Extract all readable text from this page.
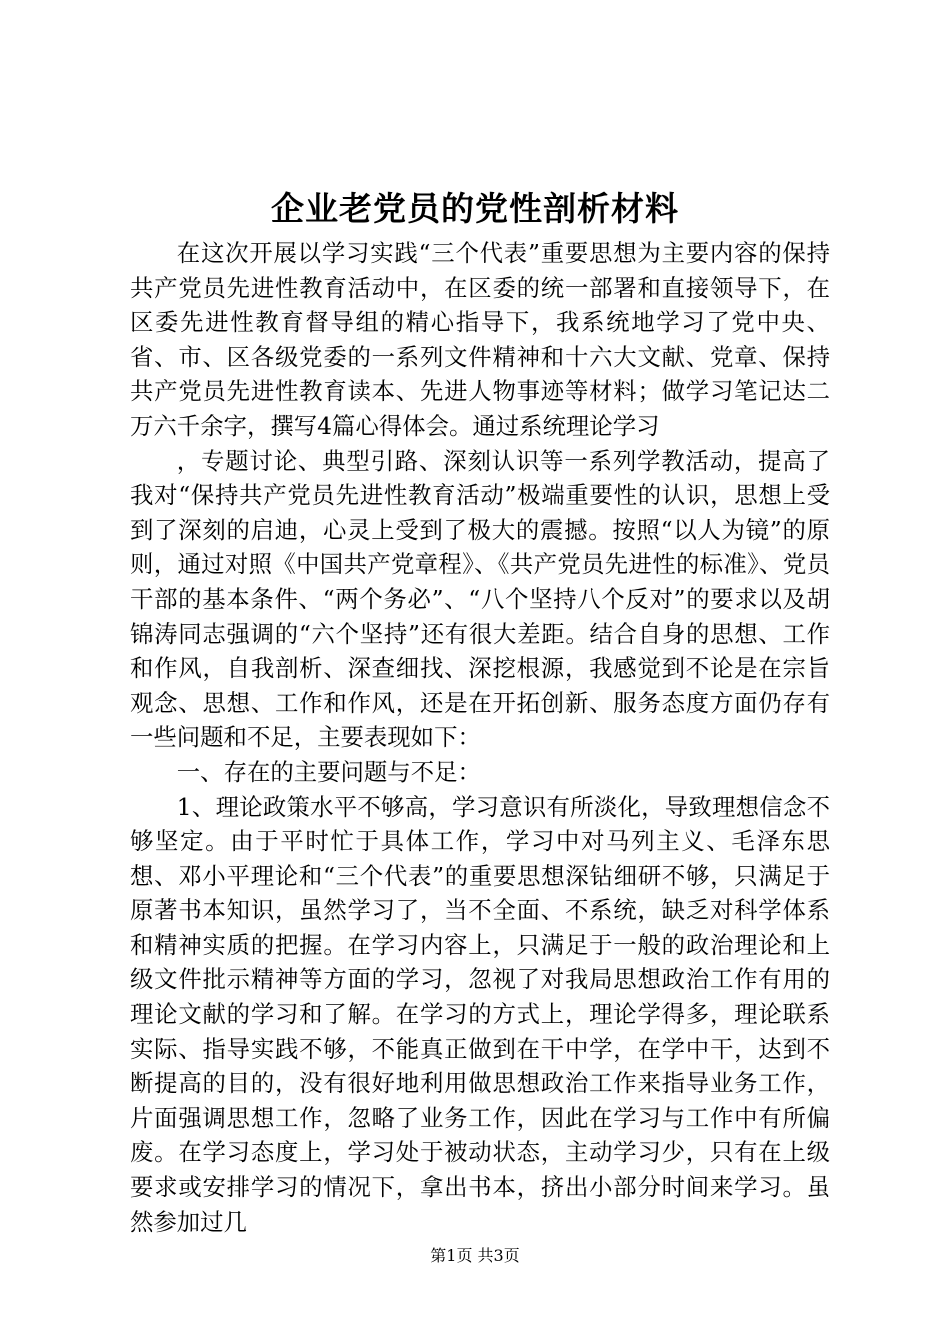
企业老党员的党性剖析材料

在这次开展以学习实践“三个代表”重要思想为主要内容的保持共产党员先进性教育活动中，在区委的统一部署和直接领导下，在区委先进性教育督导组的精心指导下，我系统地学习了党中央、省、市、区各级党委的一系列文件精神和十六大文献、党章、保持共产党员先进性教育读本、先进人物事迹等材料；做学习笔记达二万六千余字，撰写4篇心得体会。通过系统理论学习

，专题讨论、典型引路、深刻认识等一系列学教活动，提高了我对“保持共产党员先进性教育活动”极端重要性的认识，思想上受到了深刻的启迪，心灵上受到了极大的震撼。按照“以人为镜”的原则，通过对照《中国共产党章程》、《共产党员先进性的标准》、党员干部的基本条件、“两个务必”、“八个坚持八个反对”的要求以及胡锦涛同志强调的“六个坚持”还有很大差距。结合自身的思想、工作和作风，自我剖析、深查细找、深挖根源，我感觉到不论是在宗旨观念、思想、工作和作风，还是在开拓创新、服务态度方面仍存有一些问题和不足，主要表现如下：

一、存在的主要问题与不足：

1、理论政策水平不够高，学习意识有所淡化，导致理想信念不够坚定。由于平时忙于具体工作，学习中对马列主义、毛泽东思想、邓小平理论和“三个代表”的重要思想深钻细研不够，只满足于原著书本知识，虽然学习了，当不全面、不系统，缺乏对科学体系和精神实质的把握。在学习内容上，只满足于一般的政治理论和上级文件批示精神等方面的学习，忽视了对我局思想政治工作有用的理论文献的学习和了解。在学习的方式上，理论学得多，理论联系实际、指导实践不够，不能真正做到在干中学，在学中干，达到不断提高的目的，没有很好地利用做思想政治工作来指导业务工作，片面强调思想工作，忽略了业务工作，因此在学习与工作中有所偏废。在学习态度上，学习处于被动状态，主动学习少，只有在上级要求或安排学习的情况下，拿出书本，挤出小部分时间来学习。虽然参加过几

第1页 共3页
